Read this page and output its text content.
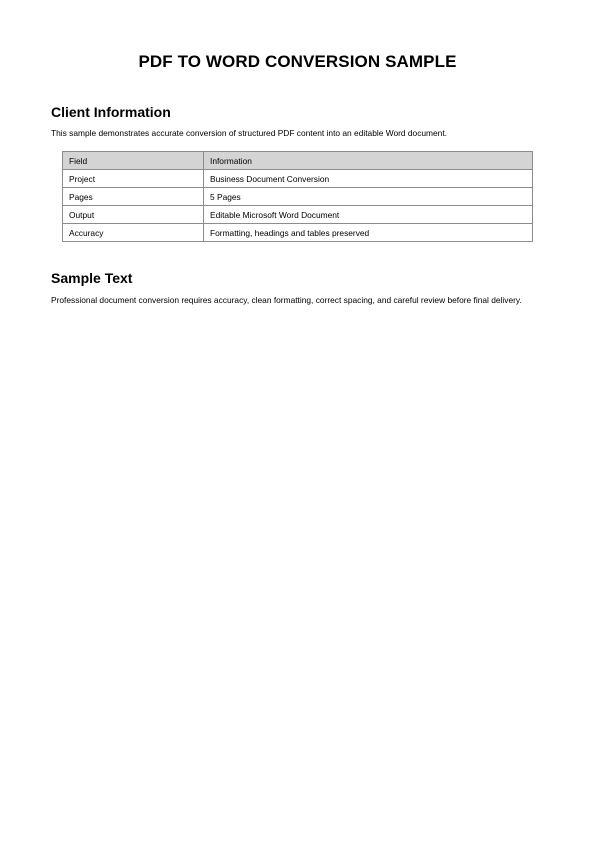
PDF TO WORD CONVERSION SAMPLE
Client Information

This sample demonstrates accurate conversion of structured PDF content into an editable Word document.

Field	Information
Project	Business Document Conversion
Pages	5 Pages
Output	Editable Microsoft Word Document
Accuracy	Formatting, headings and tables preserved
Sample Text

Professional document conversion requires accuracy, clean formatting, correct spacing, and careful review before final delivery.
